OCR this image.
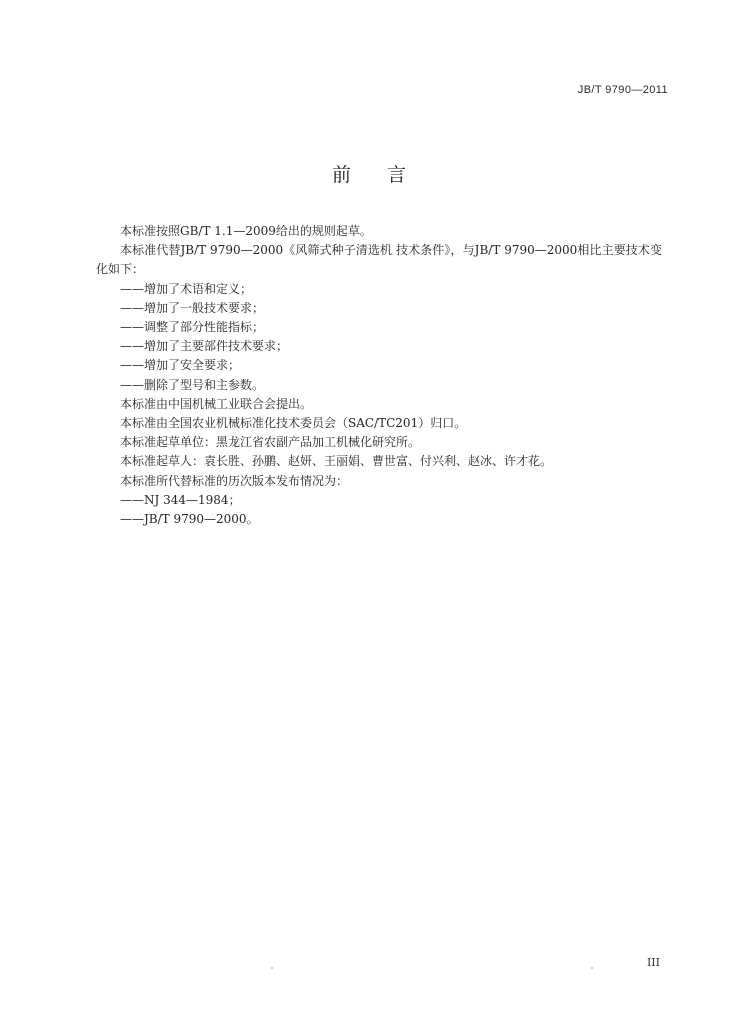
JB/T 9790—2011
前言

本标准按照GB/T 1.1—2009给出的规则起草。

本标准代替JB/T 9790—2000《风筛式种子清选机 技术条件》，与JB/T 9790—2000相比主要技术变化如下：

——增加了术语和定义；

——增加了一般技术要求；

——调整了部分性能指标；

——增加了主要部件技术要求；

——增加了安全要求；

——删除了型号和主参数。

本标准由中国机械工业联合会提出。

本标准由全国农业机械标准化技术委员会（SAC/TC201）归口。

本标准起草单位：黑龙江省农副产品加工机械化研究所。

本标准起草人：袁长胜、孙鹏、赵妍、王丽娟、曹世富、付兴利、赵冰、许才花。

本标准所代替标准的历次版本发布情况为：

——NJ 344—1984；

——JB/T 9790—2000。

III
